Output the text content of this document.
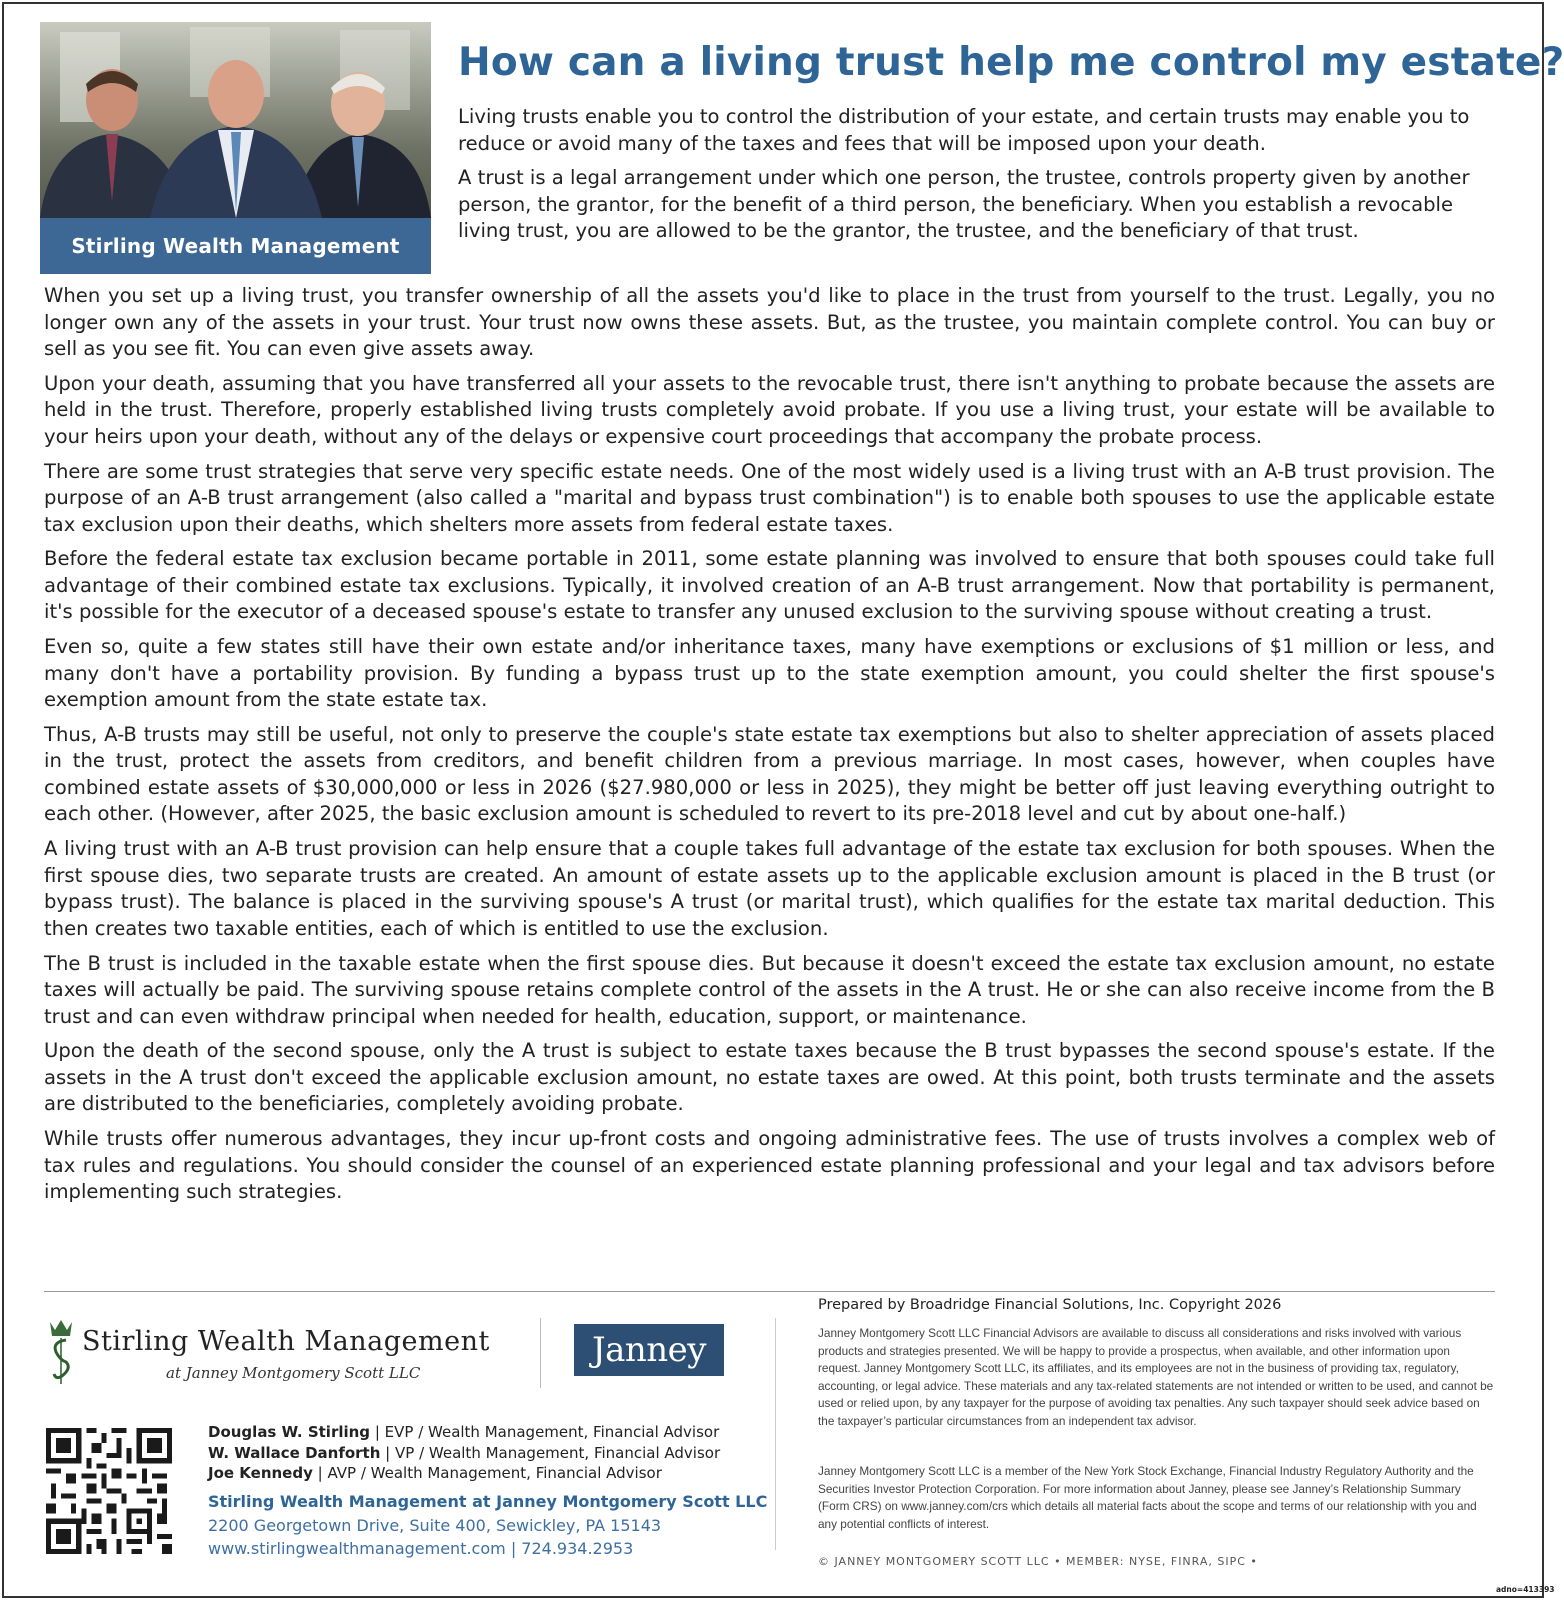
Stirling Wealth Management
How can a living trust help me control my estate?

Living trusts enable you to control the distribution of your estate, and certain trusts may enable you to reduce or avoid many of the taxes and fees that will be imposed upon your death.

A trust is a legal arrangement under which one person, the trustee, controls property given by another person, the grantor, for the benefit of a third person, the beneficiary. When you establish a revocable living trust, you are allowed to be the grantor, the trustee, and the beneficiary of that trust.

When you set up a living trust, you transfer ownership of all the assets you'd like to place in the trust from yourself to the trust. Legally, you no longer own any of the assets in your trust. Your trust now owns these assets. But, as the trustee, you maintain complete control. You can buy or sell as you see fit. You can even give assets away.

Upon your death, assuming that you have transferred all your assets to the revocable trust, there isn't anything to probate because the assets are held in the trust. Therefore, properly established living trusts completely avoid probate. If you use a living trust, your estate will be available to your heirs upon your death, without any of the delays or expensive court proceedings that accompany the probate process.

There are some trust strategies that serve very specific estate needs. One of the most widely used is a living trust with an A-B trust provision. The purpose of an A-B trust arrangement (also called a "marital and bypass trust combination") is to enable both spouses to use the applicable estate tax exclusion upon their deaths, which shelters more assets from federal estate taxes.

Before the federal estate tax exclusion became portable in 2011, some estate planning was involved to ensure that both spouses could take full advantage of their combined estate tax exclusions. Typically, it involved creation of an A-B trust arrangement. Now that portability is permanent, it's possible for the executor of a deceased spouse's estate to transfer any unused exclusion to the surviving spouse without creating a trust.

Even so, quite a few states still have their own estate and/or inheritance taxes, many have exemptions or exclusions of $1 million or less, and many don't have a portability provision. By funding a bypass trust up to the state exemption amount, you could shelter the first spouse's exemption amount from the state estate tax.

Thus, A-B trusts may still be useful, not only to preserve the couple's state estate tax exemptions but also to shelter appreciation of assets placed in the trust, protect the assets from creditors, and benefit children from a previous marriage. In most cases, however, when couples have combined estate assets of $30,000,000 or less in 2026 ($27.980,000 or less in 2025), they might be better off just leaving everything outright to each other. (However, after 2025, the basic exclusion amount is scheduled to revert to its pre-2018 level and cut by about one-half.)

A living trust with an A-B trust provision can help ensure that a couple takes full advantage of the estate tax exclusion for both spouses. When the first spouse dies, two separate trusts are created. An amount of estate assets up to the applicable exclusion amount is placed in the B trust (or bypass trust). The balance is placed in the surviving spouse's A trust (or marital trust), which qualifies for the estate tax marital deduction. This then creates two taxable entities, each of which is entitled to use the exclusion.

The B trust is included in the taxable estate when the first spouse dies. But because it doesn't exceed the estate tax exclusion amount, no estate taxes will actually be paid. The surviving spouse retains complete control of the assets in the A trust. He or she can also receive income from the B trust and can even withdraw principal when needed for health, education, support, or maintenance.

Upon the death of the second spouse, only the A trust is subject to estate taxes because the B trust bypasses the second spouse's estate. If the assets in the A trust don't exceed the applicable exclusion amount, no estate taxes are owed. At this point, both trusts terminate and the assets are distributed to the beneficiaries, completely avoiding probate.

While trusts offer numerous advantages, they incur up-front costs and ongoing administrative fees. The use of trusts involves a complex web of tax rules and regulations. You should consider the counsel of an experienced estate planning professional and your legal and tax advisors before implementing such strategies.

Stirling Wealth Management
at Janney Montgomery Scott LLC
Janney
Douglas W. Stirling | EVP / Wealth Management, Financial Advisor
W. Wallace Danforth | VP / Wealth Management, Financial Advisor
Joe Kennedy | AVP / Wealth Management, Financial Advisor
Stirling Wealth Management at Janney Montgomery Scott LLC
2200 Georgetown Drive, Suite 400, Sewickley, PA 15143
www.stirlingwealthmanagement.com | 724.934.2953
Prepared by Broadridge Financial Solutions, Inc. Copyright 2026
Janney Montgomery Scott LLC Financial Advisors are available to discuss all considerations and risks involved with various products and strategies presented. We will be happy to provide a prospectus, when available, and other information upon request. Janney Montgomery Scott LLC, its affiliates, and its employees are not in the business of providing tax, regulatory, accounting, or legal advice. These materials and any tax-related statements are not intended or written to be used, and cannot be used or relied upon, by any taxpayer for the purpose of avoiding tax penalties. Any such taxpayer should seek advice based on the taxpayer’s particular circumstances from an independent tax advisor.
Janney Montgomery Scott LLC is a member of the New York Stock Exchange, Financial Industry Regulatory Authority and the Securities Investor Protection Corporation. For more information about Janney, please see Janney’s Relationship Summary (Form CRS) on www.janney.com/crs which details all material facts about the scope and terms of our relationship with you and any potential conflicts of interest.
© JANNEY MONTGOMERY SCOTT LLC • MEMBER: NYSE, FINRA, SIPC •
adno=413393
